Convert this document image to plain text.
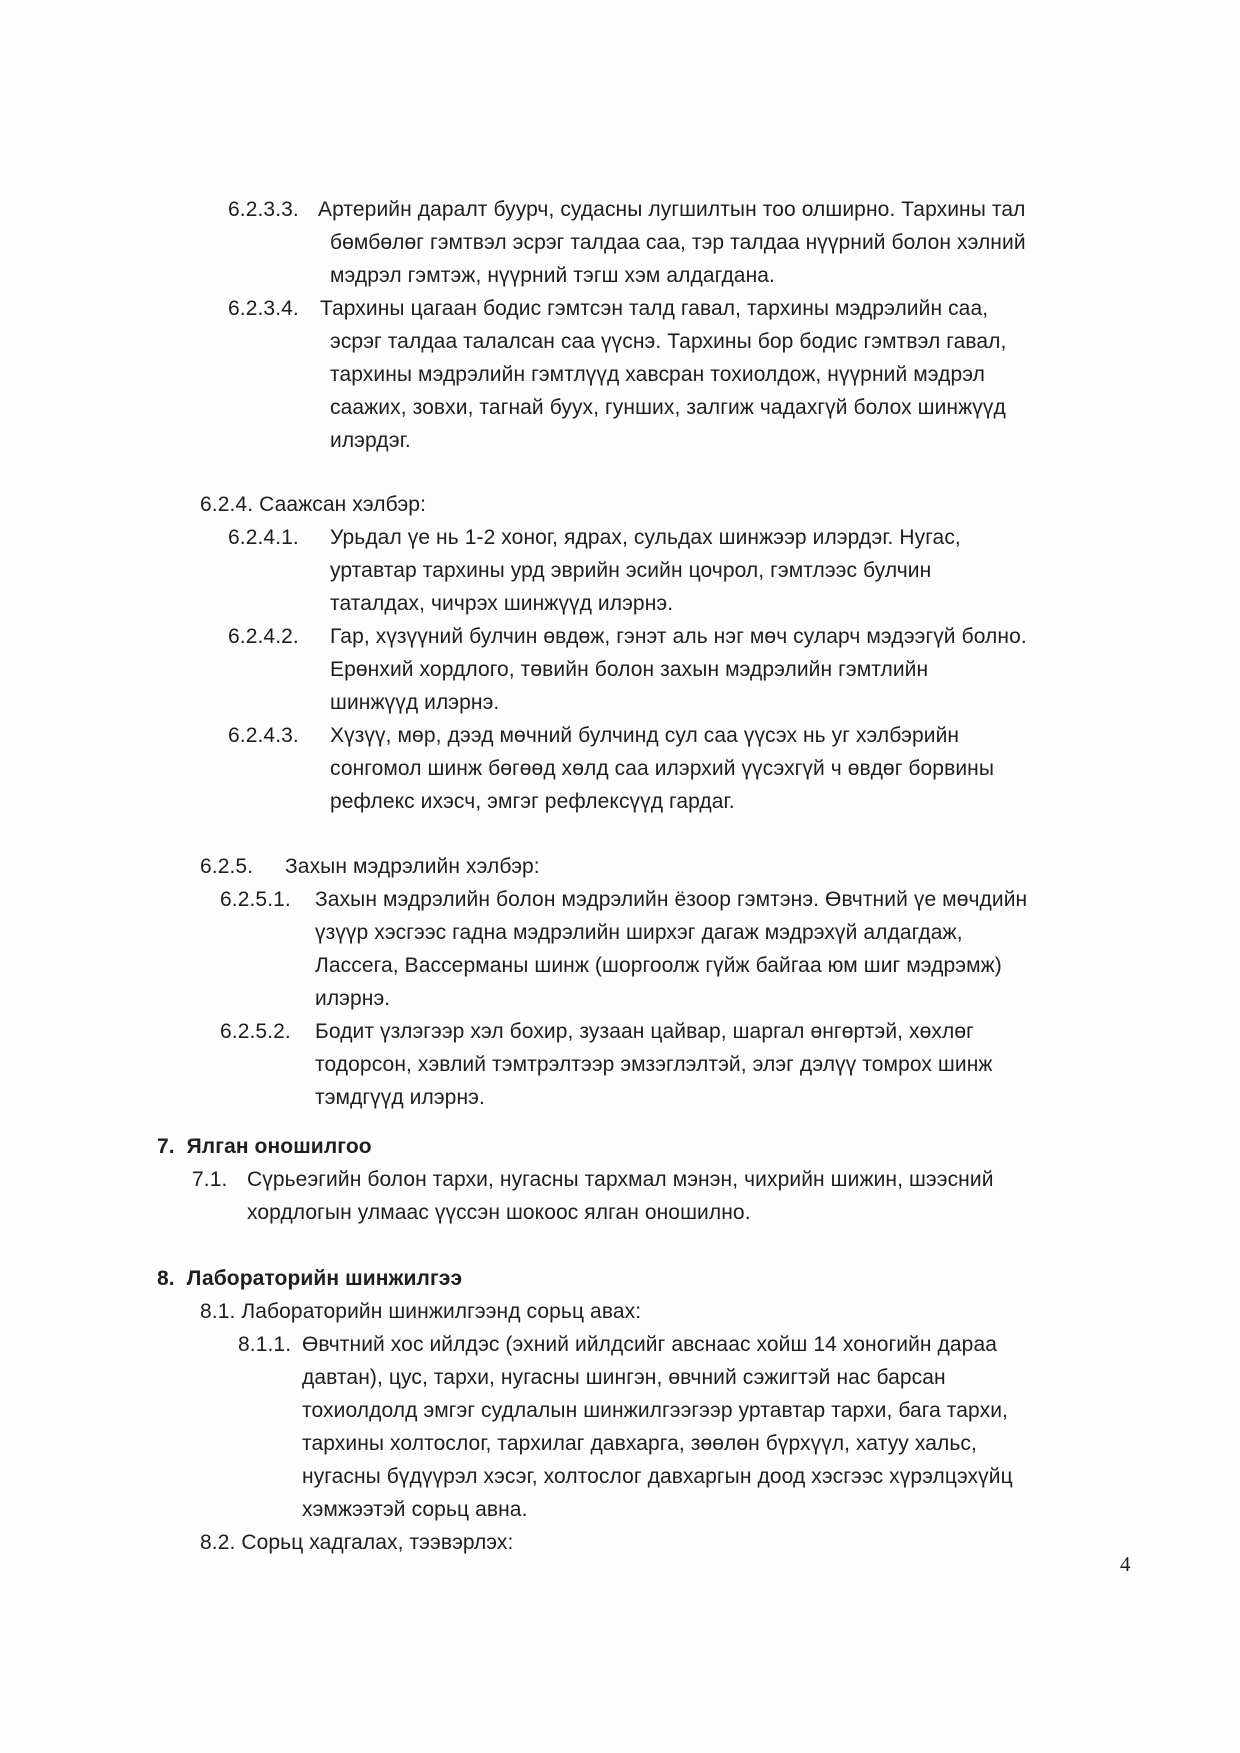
6.2.3.3. Артерийн даралт буурч, судасны лугшилтын тоо олширно. Тархины тал
бөмбөлөг гэмтвэл эсрэг талдаа саа, тэр талдаа нүүрний болон хэлний
мэдрэл гэмтэж, нүүрний тэгш хэм алдагдана.
6.2.3.4. Тархины цагаан бодис гэмтсэн талд гавал, тархины мэдрэлийн саа,
эсрэг талдаа талалсан саа үүснэ. Тархины бор бодис гэмтвэл гавал,
тархины мэдрэлийн гэмтлүүд хавсран тохиолдож, нүүрний мэдрэл
саажих, зовхи, тагнай буух, гунших, залгиж чадахгүй болох шинжүүд
илэрдэг.
6.2.4. Саажсан хэлбэр:
6.2.4.1. Урьдал үе нь 1-2 хоног, ядрах, сульдах шинжээр илэрдэг. Нугас,
уртавтар тархины урд эврийн эсийн цочрол, гэмтлээс булчин
таталдах, чичрэх шинжүүд илэрнэ.
6.2.4.2. Гар, хүзүүний булчин өвдөж, гэнэт аль нэг мөч суларч мэдээгүй болно.
Ерөнхий хордлого, төвийн болон захын мэдрэлийн гэмтлийн
шинжүүд илэрнэ.
6.2.4.3. Хүзүү, мөр, дээд мөчний булчинд сул саа үүсэх нь уг хэлбэрийн
сонгомол шинж бөгөөд хөлд саа илэрхий үүсэхгүй ч өвдөг борвины
рефлекс ихэсч, эмгэг рефлексүүд гардаг.
6.2.5. Захын мэдрэлийн хэлбэр:
6.2.5.1. Захын мэдрэлийн болон мэдрэлийн ёзоор гэмтэнэ. Өвчтний үе мөчдийн
үзүүр хэсгээс гадна мэдрэлийн ширхэг дагаж мэдрэхүй алдагдаж,
Лассега, Вассерманы шинж (шоргоолж гүйж байгаа юм шиг мэдрэмж)
илэрнэ.
6.2.5.2. Бодит үзлэгээр хэл бохир, зузаан цайвар, шаргал өнгөртэй, хөхлөг
тодорсон, хэвлий тэмтрэлтээр эмзэглэлтэй, элэг дэлүү томрох шинж
тэмдгүүд илэрнэ.
7.  Ялган оношилгоо
7.1. Сүрьеэгийн болон тархи, нугасны тархмал мэнэн, чихрийн шижин, шээсний
хордлогын улмаас үүссэн шокоос ялган оношилно.
8.  Лабораторийн шинжилгээ
8.1. Лабораторийн шинжилгээнд сорьц авах:
8.1.1. Өвчтний хос ийлдэс (эхний ийлдсийг авснаас хойш 14 хоногийн дараа
давтан), цус, тархи, нугасны шингэн, өвчний сэжигтэй нас барсан
тохиолдолд эмгэг судлалын шинжилгээгээр уртавтар тархи, бага тархи,
тархины холтослог, тархилаг давхарга, зөөлөн бүрхүүл, хатуу хальс,
нугасны бүдүүрэл хэсэг, холтослог давхаргын доод хэсгээс хүрэлцэхүйц
хэмжээтэй сорьц авна.
8.2. Сорьц хадгалах, тээвэрлэх:
4
